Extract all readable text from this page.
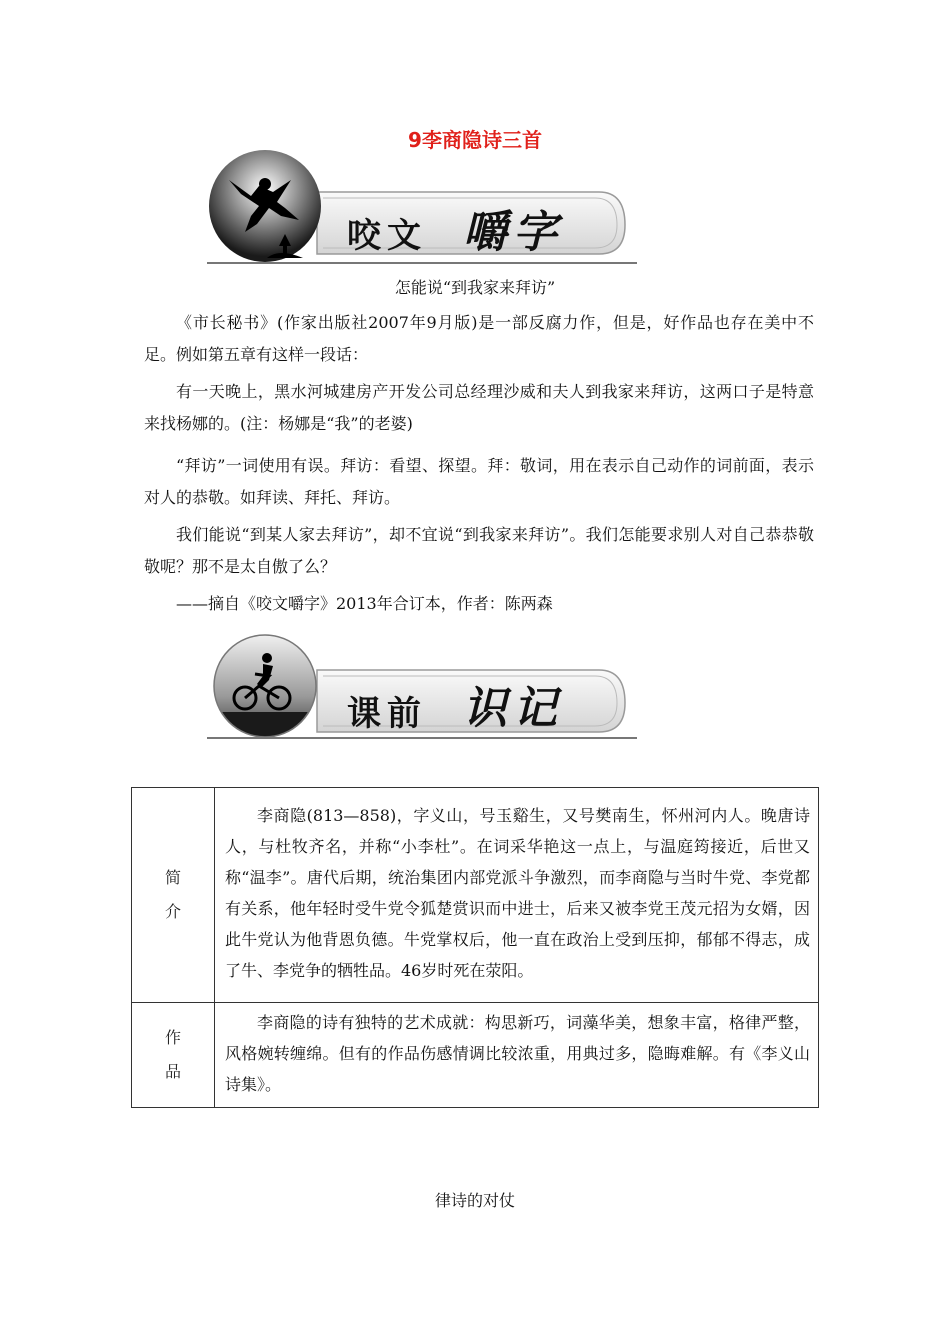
9李商隐诗三首
咬文 嚼字
怎能说“到我家来拜访”
《市长秘书》(作家出版社2007年9月版)是一部反腐力作，但是，好作品也存在美中不足。例如第五章有这样一段话：
有一天晚上，黑水河城建房产开发公司总经理沙威和夫人到我家来拜访，这两口子是特意来找杨娜的。(注：杨娜是“我”的老婆)
“拜访”一词使用有误。拜访：看望、探望。拜：敬词，用在表示自己动作的词前面，表示对人的恭敬。如拜读、拜托、拜访。
我们能说“到某人家去拜访”，却不宜说“到我家来拜访”。我们怎能要求别人对自己恭恭敬敬呢？那不是太自傲了么？
——摘自《咬文嚼字》2013年合订本，作者：陈两森
课前 识记
简介	李商隐(813—858)，字义山，号玉谿生，又号樊南生，怀州河内人。晚唐诗人，与杜牧齐名，并称“小李杜”。在词采华艳这一点上，与温庭筠接近，后世又称“温李”。唐代后期，统治集团内部党派斗争激烈，而李商隐与当时牛党、李党都有关系，他年轻时受牛党令狐楚赏识而中进士，后来又被李党王茂元招为女婿，因此牛党认为他背恩负德。牛党掌权后，他一直在政治上受到压抑，郁郁不得志，成了牛、李党争的牺牲品。46岁时死在荥阳。

作品	李商隐的诗有独特的艺术成就：构思新巧，词藻华美，想象丰富，格律严整，风格婉转缠绵。但有的作品伤感情调比较浓重，用典过多，隐晦难解。有《李义山诗集》。
律诗的对仗
